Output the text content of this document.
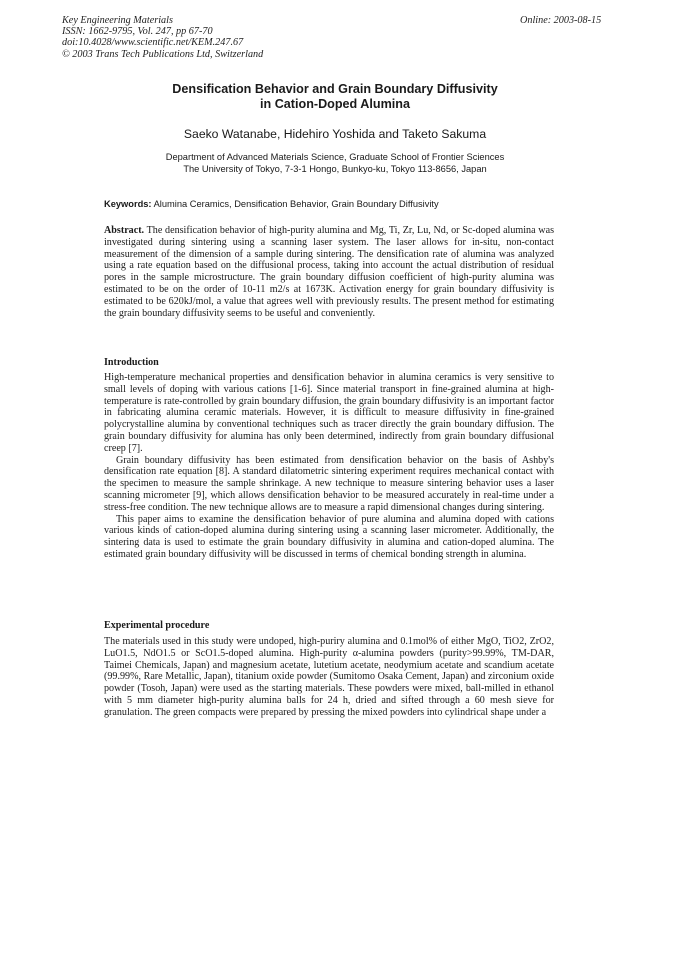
Key Engineering Materials
ISSN: 1662-9795, Vol. 247, pp 67-70
doi:10.4028/www.scientific.net/KEM.247.67
© 2003 Trans Tech Publications Ltd, Switzerland
Online: 2003-08-15
Densification Behavior and Grain Boundary Diffusivity
in Cation-Doped Alumina
Saeko Watanabe, Hidehiro Yoshida and Taketo Sakuma
Department of Advanced Materials Science, Graduate School of Frontier Sciences
The University of Tokyo, 7-3-1 Hongo, Bunkyo-ku, Tokyo 113-8656, Japan
Keywords: Alumina Ceramics, Densification Behavior, Grain Boundary Diffusivity

Abstract. The densification behavior of high-purity alumina and Mg, Ti, Zr, Lu, Nd, or Sc-doped alumina was investigated during sintering using a scanning laser system. The laser allows for in-situ, non-contact measurement of the dimension of a sample during sintering. The densification rate of alumina was analyzed using a rate equation based on the diffusional process, taking into account the actual distribution of residual pores in the sample microstructure. The grain boundary diffusion coefficient of high-purity alumina was estimated to be on the order of 10-11 m2/s at 1673K. Activation energy for grain boundary diffusivity is estimated to be 620kJ/mol, a value that agrees well with previously results. The present method for estimating the grain boundary diffusivity seems to be useful and conveniently.

Introduction

High-temperature mechanical properties and densification behavior in alumina ceramics is very sensitive to small levels of doping with various cations [1-6]. Since material transport in fine-grained alumina at high-temperature is rate-controlled by grain boundary diffusion, the grain boundary diffusivity is an important factor in fabricating alumina ceramic materials. However, it is difficult to measure diffusivity in fine-grained polycrystalline alumina by conventional techniques such as tracer directly the grain boundary diffusion. The grain boundary diffusivity for alumina has only been determined, indirectly from grain boundary diffusional creep [7].

Grain boundary diffusivity has been estimated from densification behavior on the basis of Ashby's densification rate equation [8]. A standard dilatometric sintering experiment requires mechanical contact with the specimen to measure the sample shrinkage. A new technique to measure sintering behavior uses a laser scanning micrometer [9], which allows densification behavior to be measured accurately in real-time under a stress-free condition. The new technique allows are to measure a rapid dimensional changes during sintering.

This paper aims to examine the densification behavior of pure alumina and alumina doped with cations various kinds of cation-doped alumina during sintering using a scanning laser micrometer. Additionally, the sintering data is used to estimate the grain boundary diffusivity in alumina and cation-doped alumina. The estimated grain boundary diffusivity will be discussed in terms of chemical bonding strength in alumina.

Experimental procedure

The materials used in this study were undoped, high-puriry alumina and 0.1mol% of either MgO, TiO2, ZrO2, LuO1.5, NdO1.5 or ScO1.5-doped alumina. High-purity α-alumina powders (purity>99.99%, TM-DAR, Taimei Chemicals, Japan) and magnesium acetate, lutetium acetate, neodymium acetate and scandium acetate (99.99%, Rare Metallic, Japan), titanium oxide powder (Sumitomo Osaka Cement, Japan) and zirconium oxide powder (Tosoh, Japan) were used as the starting materials. These powders were mixed, ball-milled in ethanol with 5 mm diameter high-purity alumina balls for 24 h, dried and sifted through a 60 mesh sieve for granulation. The green compacts were prepared by pressing the mixed powders into cylindrical shape under a
